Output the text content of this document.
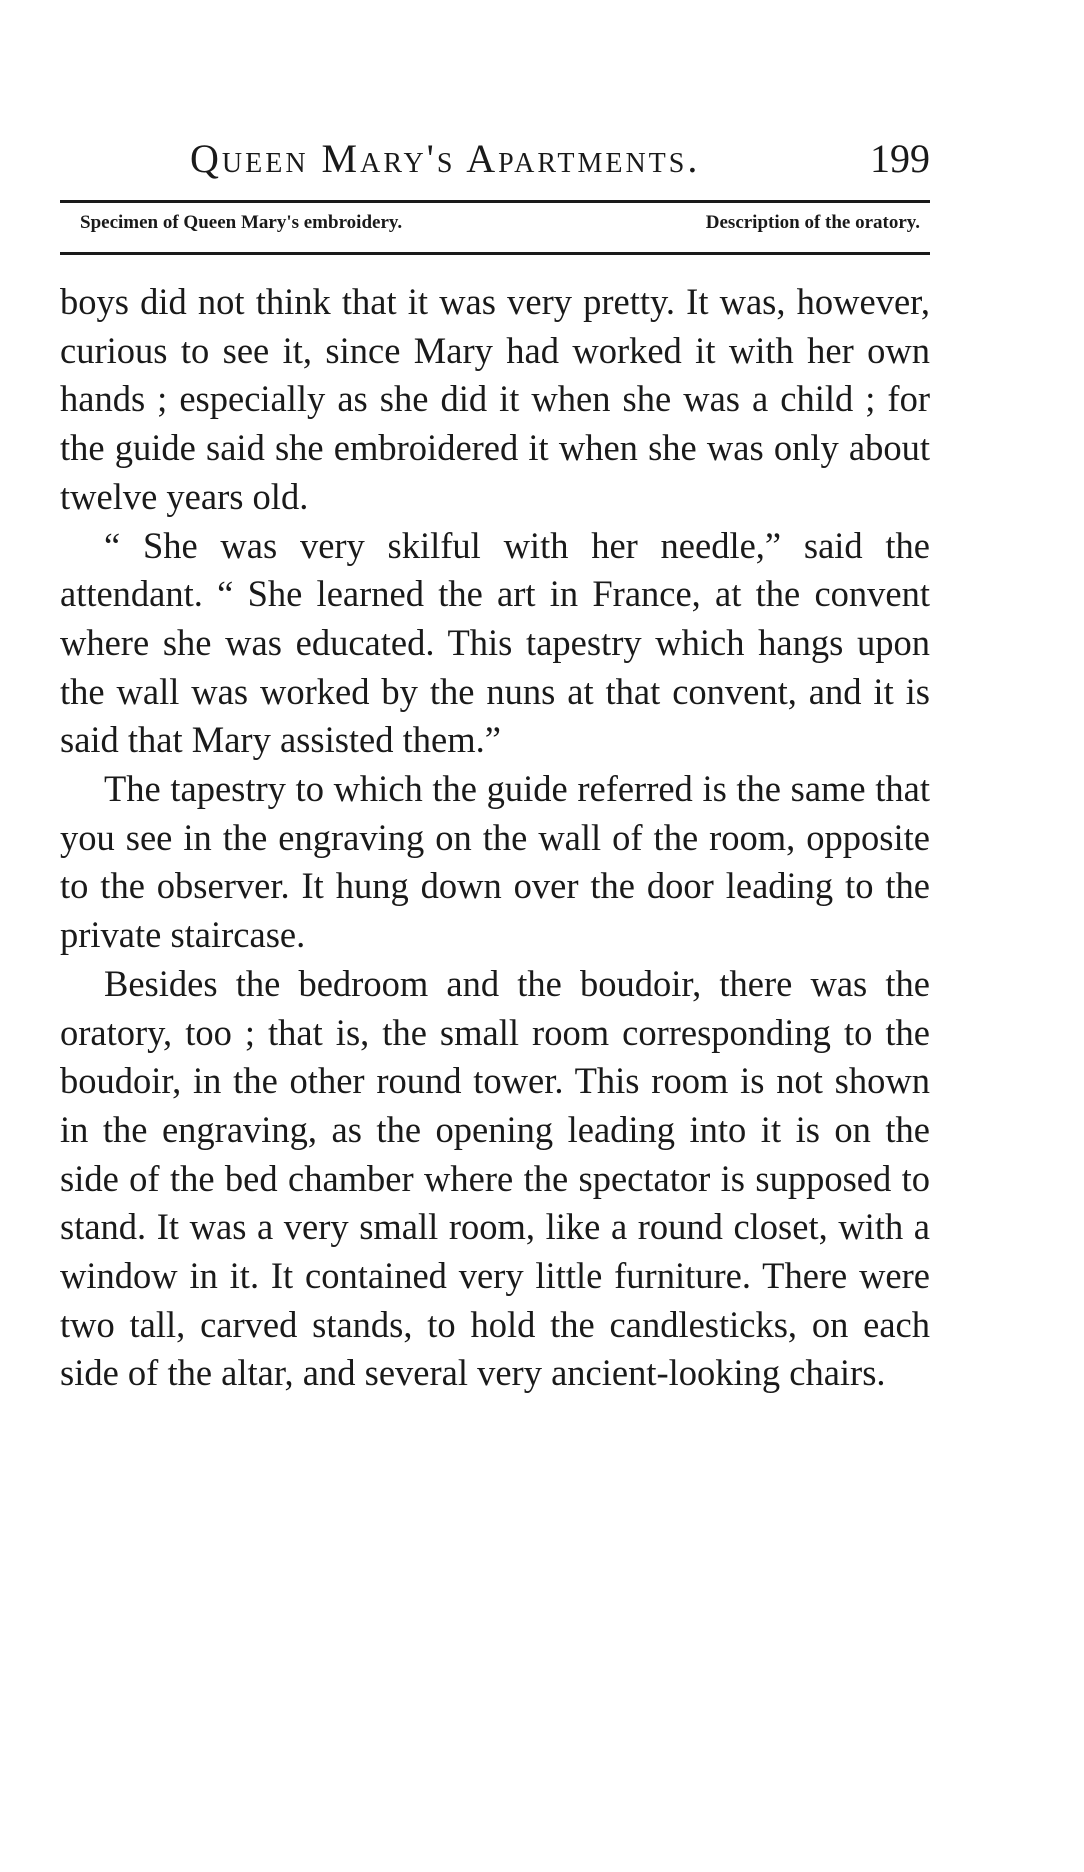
Queen Mary's Apartments.	199
Specimen of Queen Mary's embroidery.	Description of the oratory.

boys did not think that it was very pretty. It was, however, curious to see it, since Mary had worked it with her own hands ; especially as she did it when she was a child ; for the guide said she embroidered it when she was only about twelve years old.

“ She was very skilful with her needle,” said the attendant. “ She learned the art in France, at the convent where she was educated. This tapestry which hangs upon the wall was worked by the nuns at that convent, and it is said that Mary assisted them.”

The tapestry to which the guide referred is the same that you see in the engraving on the wall of the room, opposite to the observer. It hung down over the door leading to the private staircase.

Besides the bedroom and the boudoir, there was the oratory, too ; that is, the small room corresponding to the boudoir, in the other round tower. This room is not shown in the engraving, as the opening leading into it is on the side of the bed chamber where the spectator is supposed to stand. It was a very small room, like a round closet, with a window in it. It contained very little furniture. There were two tall, carved stands, to hold the candlesticks, on each side of the altar, and several very ancient-looking chairs.
